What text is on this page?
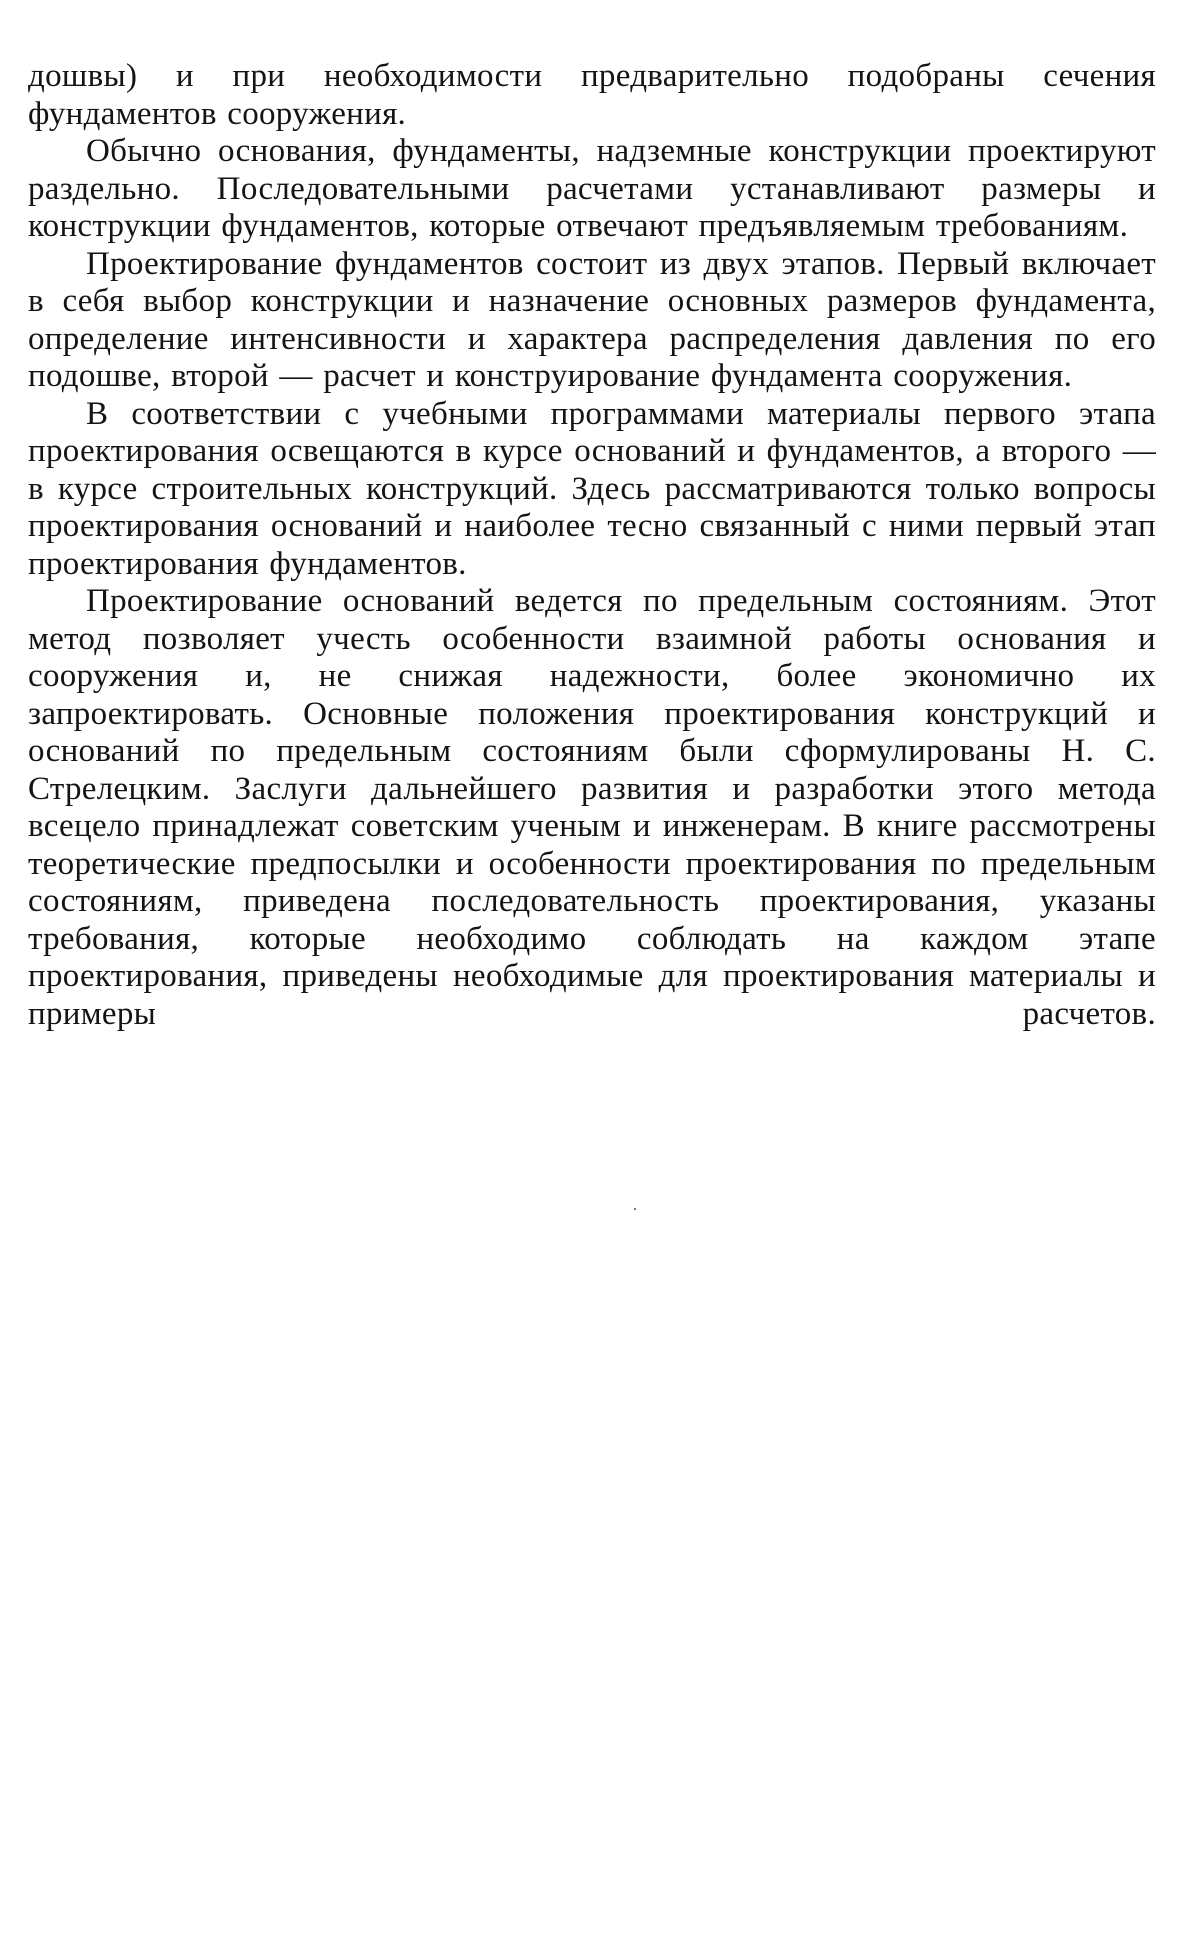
дошвы) и при необходимости предварительно подобраны сечения фундаментов сооружения.

Обычно основания, фундаменты, надземные конструкции проектируют раздельно. Последовательными расчетами устанавливают размеры и конструкции фундаментов, которые отвечают предъявляемым требованиям.

Проектирование фундаментов состоит из двух этапов. Первый включает в себя выбор конструкции и назначение основных размеров фундамента, определение интенсивности и характера распределения давления по его подошве, второй — расчет и конструирование фундамента сооружения.

В соответствии с учебными программами материалы первого этапа проектирования освещаются в курсе оснований и фундаментов, а второго — в курсе строительных конструкций. Здесь рассматриваются только вопросы проектирования оснований и наиболее тесно связанный с ними первый этап проектирования фундаментов.

Проектирование оснований ведется по предельным состояниям. Этот метод позволяет учесть особенности взаимной работы основания и сооружения и, не снижая надежности, более экономично их запроектировать. Основные положения проектирования конструкций и оснований по предельным состояниям были сформулированы Н. С. Стрелецким. Заслуги дальнейшего развития и разработки этого метода всецело принадлежат советским ученым и инженерам. В книге рассмотрены теоретические предпосылки и особенности проектирования по предельным состояниям, приведена последовательность проектирования, указаны требования, которые необходимо соблюдать на каждом этапе проектирования, приведены необходимые для проектирования материалы и примеры расчетов.
